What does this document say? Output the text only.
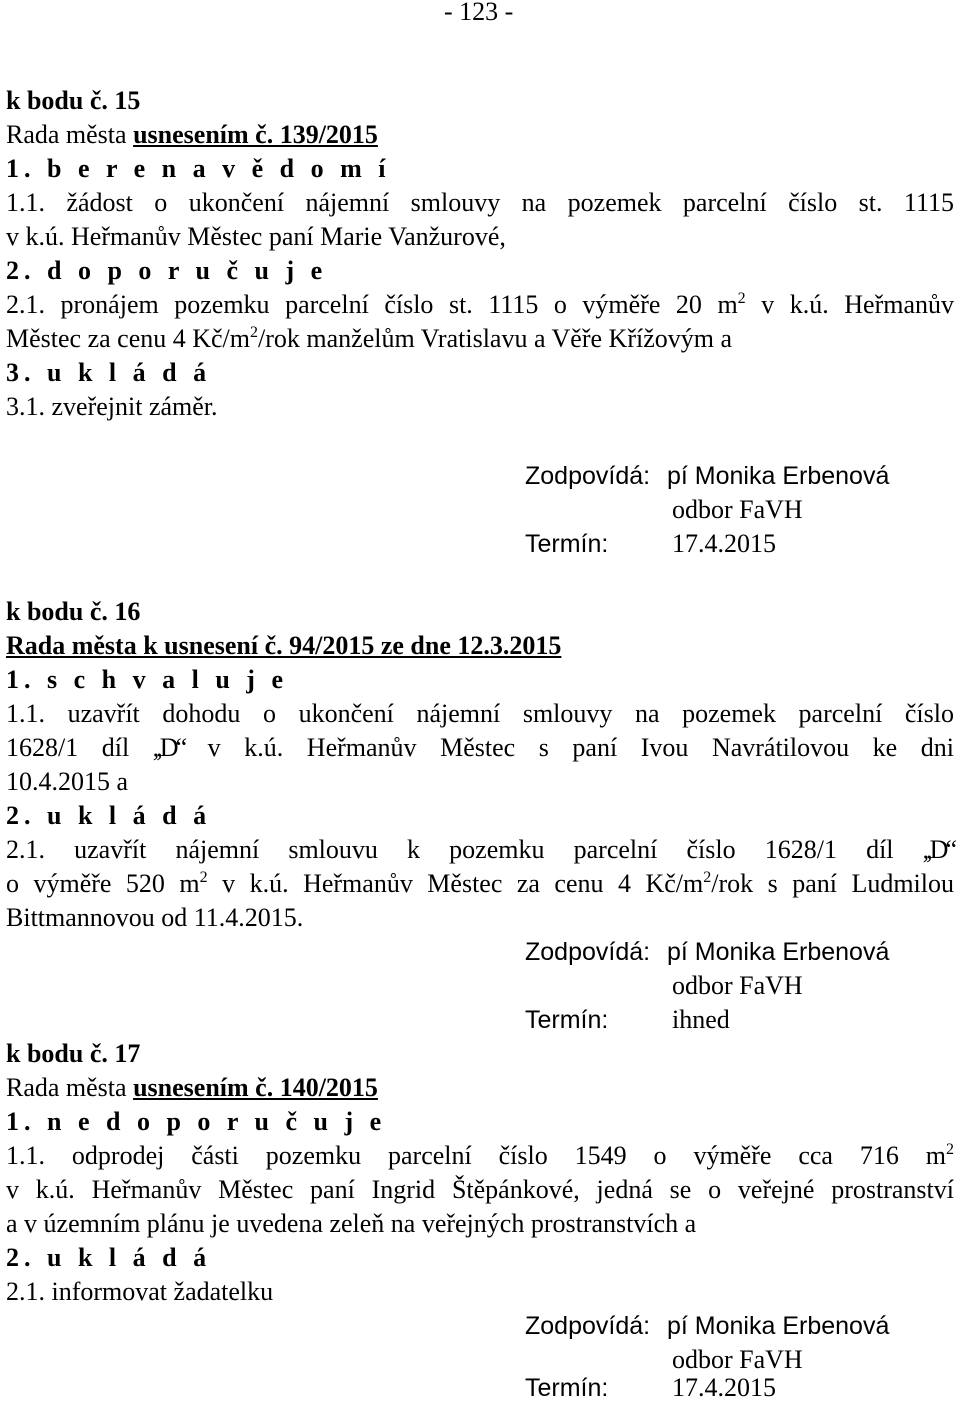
- 123 -
k bodu č. 15
Rada města usnesením č. 139/2015
1. b e r e n a v ě d o m í
1.1. žádost o ukončení nájemní smlouvy na pozemek parcelní číslo st. 1115
v k.ú. Heřmanův Městec paní Marie Vanžurové,
2. d o p o r u č u j e
2.1. pronájem pozemku parcelní číslo st. 1115 o výměře 20 $m^2$ v k.ú. Heřmanův
Městec za cenu 4 $Kč/m^2$/rok manželům Vratislavu a Věře Křížovým a
3. u k l á d á
3.1. zveřejnit záměr.
Zodpovídá: pí Monika Erbenová
odbor FaVH
Termín: 17.4.2015
k bodu č. 16
Rada města k usnesení č. 94/2015 ze dne 12.3.2015
1. s c h v a l u j e
1.1. uzavřít dohodu o ukončení nájemní smlouvy na pozemek parcelní číslo
1628/1 díl ,,D“ v k.ú. Heřmanův Městec s paní Ivou Navrátilovou ke dni
10.4.2015 a
2. u k l á d á
2.1. uzavřít nájemní smlouvu k pozemku parcelní číslo 1628/1 díl ,,D“
o výměře 520 $m^2$ v k.ú. Heřmanův Městec za cenu 4 $Kč/m^2$/rok s paní Ludmilou
Bittmannovou od 11.4.2015.
Zodpovídá: pí Monika Erbenová
odbor FaVH
Termín: ihned
k bodu č. 17
Rada města usnesením č. 140/2015
1. n e d o p o r u č u j e
1.1. odprodej části pozemku parcelní číslo 1549 o výměře cca 716 $m^2$
v k.ú. Heřmanův Městec paní Ingrid Štěpánkové, jedná se o veřejné prostranství
a v územním plánu je uvedena zeleň na veřejných prostranstvích a
2. u k l á d á
2.1. informovat žadatelku
Zodpovídá: pí Monika Erbenová
odbor FaVH
Termín: 17.4.2015
